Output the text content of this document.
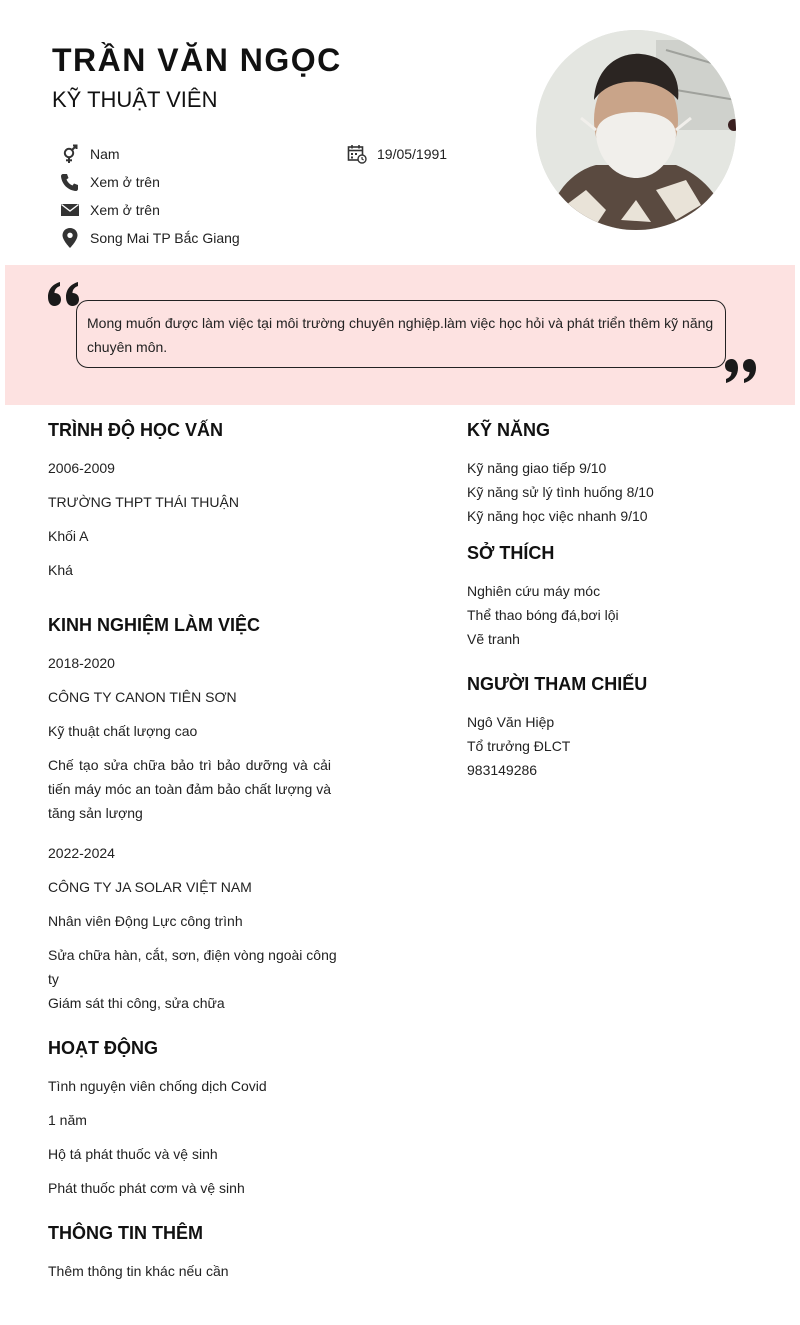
TRẦN VĂN NGỌC
KỸ THUẬT VIÊN
Nam	19/05/1991
Xem ở trên
Xem ở trên
Song Mai TP Bắc Giang
Mong muốn được làm việc tại môi trường chuyên nghiệp.làm việc học hỏi và phát triển thêm kỹ năng chuyên môn.
TRÌNH ĐỘ HỌC VẤN
2006-2009
TRƯỜNG THPT THÁI THUẬN
Khối A
Khá
KINH NGHIỆM LÀM VIỆC
2018-2020
CÔNG TY CANON TIÊN SƠN
Kỹ thuật chất lượng cao
Chế tạo sửa chữa bảo trì bảo dưỡng và cải tiến máy móc an toàn đảm bảo chất lượng và tăng sản lượng
2022-2024
CÔNG TY JA SOLAR VIỆT NAM
Nhân viên Động Lực công trình
Sửa chữa hàn, cắt, sơn, điện vòng ngoài công ty
Giám sát thi công, sửa chữa
HOẠT ĐỘNG
Tình nguyện viên chống dịch Covid
1 năm
Hộ tá phát thuốc và vệ sinh
Phát thuốc phát cơm và vệ sinh
THÔNG TIN THÊM
Thêm thông tin khác nếu cần
KỸ NĂNG
Kỹ năng giao tiếp 9/10
Kỹ năng sử lý tình huống 8/10
Kỹ năng học việc nhanh 9/10
SỞ THÍCH
Nghiên cứu máy móc
Thể thao bóng đá,bơi lội
Vẽ tranh
NGƯỜI THAM CHIẾU
Ngô Văn Hiệp
Tổ trưởng ĐLCT
983149286
